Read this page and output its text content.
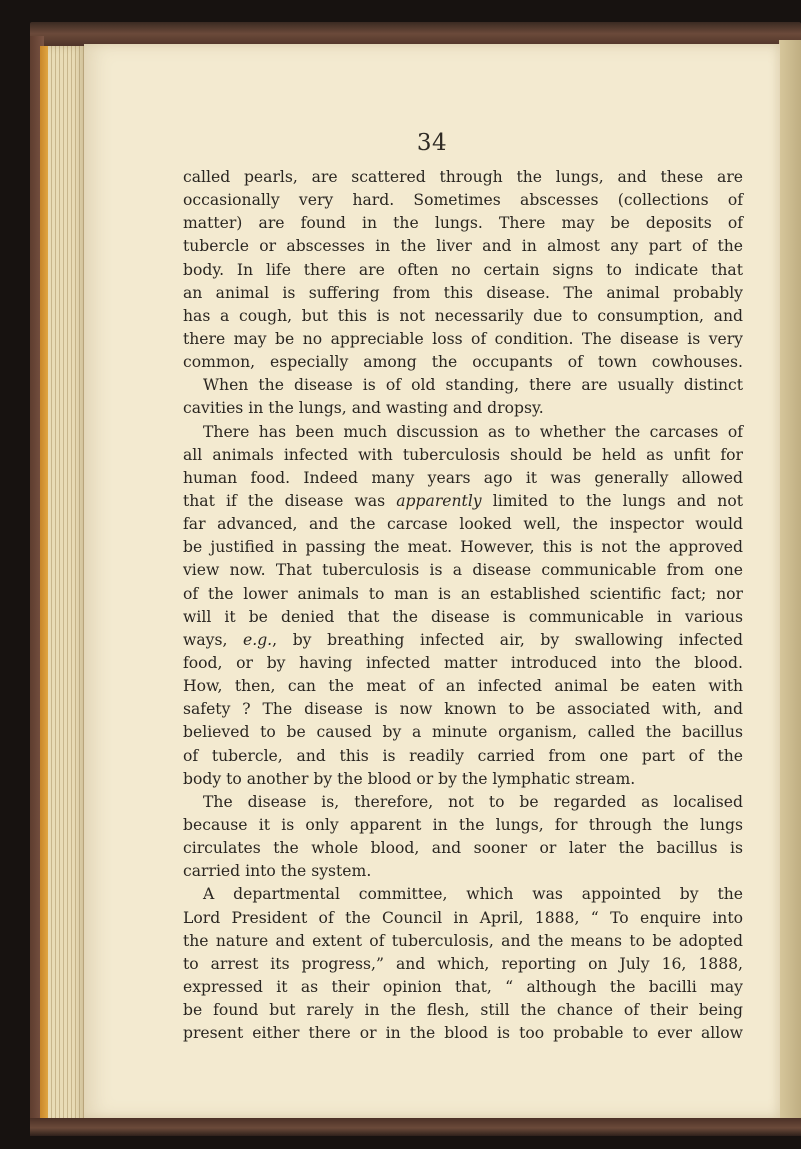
34
called pearls, are scattered through the lungs, and these are
occasionally very hard. Sometimes abscesses (collections of
matter) are found in the lungs. There may be deposits of
tubercle or abscesses in the liver and in almost any part of the
body. In life there are often no certain signs to indicate that
an animal is suffering from this disease. The animal probably
has a cough, but this is not necessarily due to consumption, and
there may be no appreciable loss of condition. The disease is very
common, especially among the occupants of town cowhouses.
When the disease is of old standing, there are usually distinct
cavities in the lungs, and wasting and dropsy.
There has been much discussion as to whether the carcases of
all animals infected with tuberculosis should be held as unfit for
human food. Indeed many years ago it was generally allowed
that if the disease was apparently limited to the lungs and not
far advanced, and the carcase looked well, the inspector would
be justified in passing the meat. However, this is not the approved
view now. That tuberculosis is a disease communicable from one
of the lower animals to man is an established scientific fact; nor
will it be denied that the disease is communicable in various
ways, e.g., by breathing infected air, by swallowing infected
food, or by having infected matter introduced into the blood.
How, then, can the meat of an infected animal be eaten with
safety ? The disease is now known to be associated with, and
believed to be caused by a minute organism, called the bacillus
of tubercle, and this is readily carried from one part of the
body to another by the blood or by the lymphatic stream.
The disease is, therefore, not to be regarded as localised
because it is only apparent in the lungs, for through the lungs
circulates the whole blood, and sooner or later the bacillus is
carried into the system.
A departmental committee, which was appointed by the
Lord President of the Council in April, 1888, “ To enquire into
the nature and extent of tuberculosis, and the means to be adopted
to arrest its progress,” and which, reporting on July 16, 1888,
expressed it as their opinion that, “ although the bacilli may
be found but rarely in the flesh, still the chance of their being
present either there or in the blood is too probable to ever allow
